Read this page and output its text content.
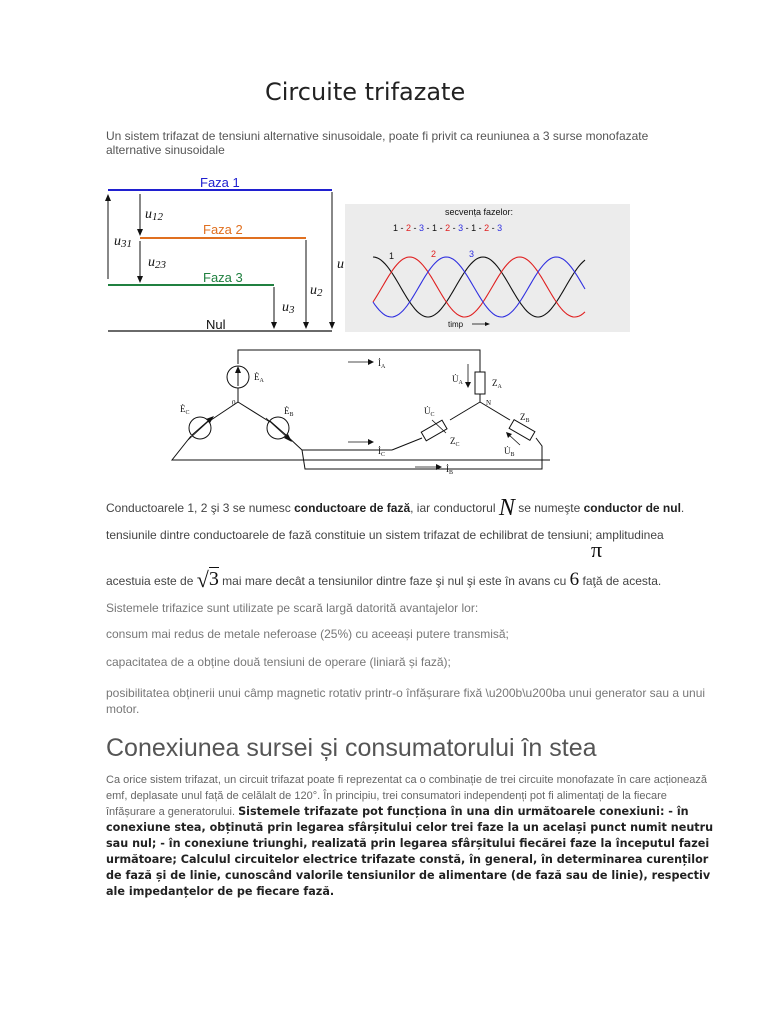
Circuite trifazate
Un sistem trifazat de tensiuni alternative sinusoidale, poate fi privit ca reuniunea a 3 surse monofazate alternative sinusoidale
Faza 1
Faza 2
Faza 3
Nul
u12
u31
u23
u3
u2
u
secvența fazelor:
1 - 2 - 3 - 1 - 2 - 3 - 1 - 2 - 3
1	2	3
timp
$İ_A$
$İ_C$
$İ_B$
$Ė_A$
$Ė_C$	$Ė_B$
0	N
$U̇_A$
$U̇_C$
$U̇_B$
$Z_A$
$Z_C$
$Z_B$
Conductoarele 1, 2 şi 3 se numesc conductoare de fază, iar conductorul N se numeşte conductor de nul.
tensiunile dintre conductoarele de fază constituie un sistem trifazat de echilibrat de tensiuni; amplitudinea
acestuia este de √3 mai mare decât a tensiunilor dintre faze şi nul şi este în avans cu 6 faţă de acesta.
π
Sistemele trifazice sunt utilizate pe scară largă datorită avantajelor lor:
consum mai redus de metale neferoase (25%) cu aceeași putere transmisă;
capacitatea de a obține două tensiuni de operare (liniară și fază);
posibilitatea obținerii unui câmp magnetic rotativ printr-o înfășurare fixă \u200b\u200ba unui generator sau a unui motor.
Conexiunea sursei și consumatorului în stea
Ca orice sistem trifazat, un circuit trifazat poate fi reprezentat ca o combinație de trei circuite monofazate în care acționează emf, deplasate unul față de celălalt de 120°. În principiu, trei consumatori independenți pot fi alimentați de la fiecare înfășurare a generatorului. Sistemele trifazate pot funcționa în una din următoarele conexiuni: - în conexiune stea, obținută prin legarea sfârșitului celor trei faze la un același punct numit neutru sau nul; - în conexiune triunghi, realizată prin legarea sfârșitului fiecărei faze la începutul fazei următoare; Calculul circuitelor electrice trifazate constă, în general, în determinarea curenților de fază și de linie, cunoscând valorile tensiunilor de alimentare (de fază sau de linie), respectiv ale impedanțelor de pe fiecare fază.
